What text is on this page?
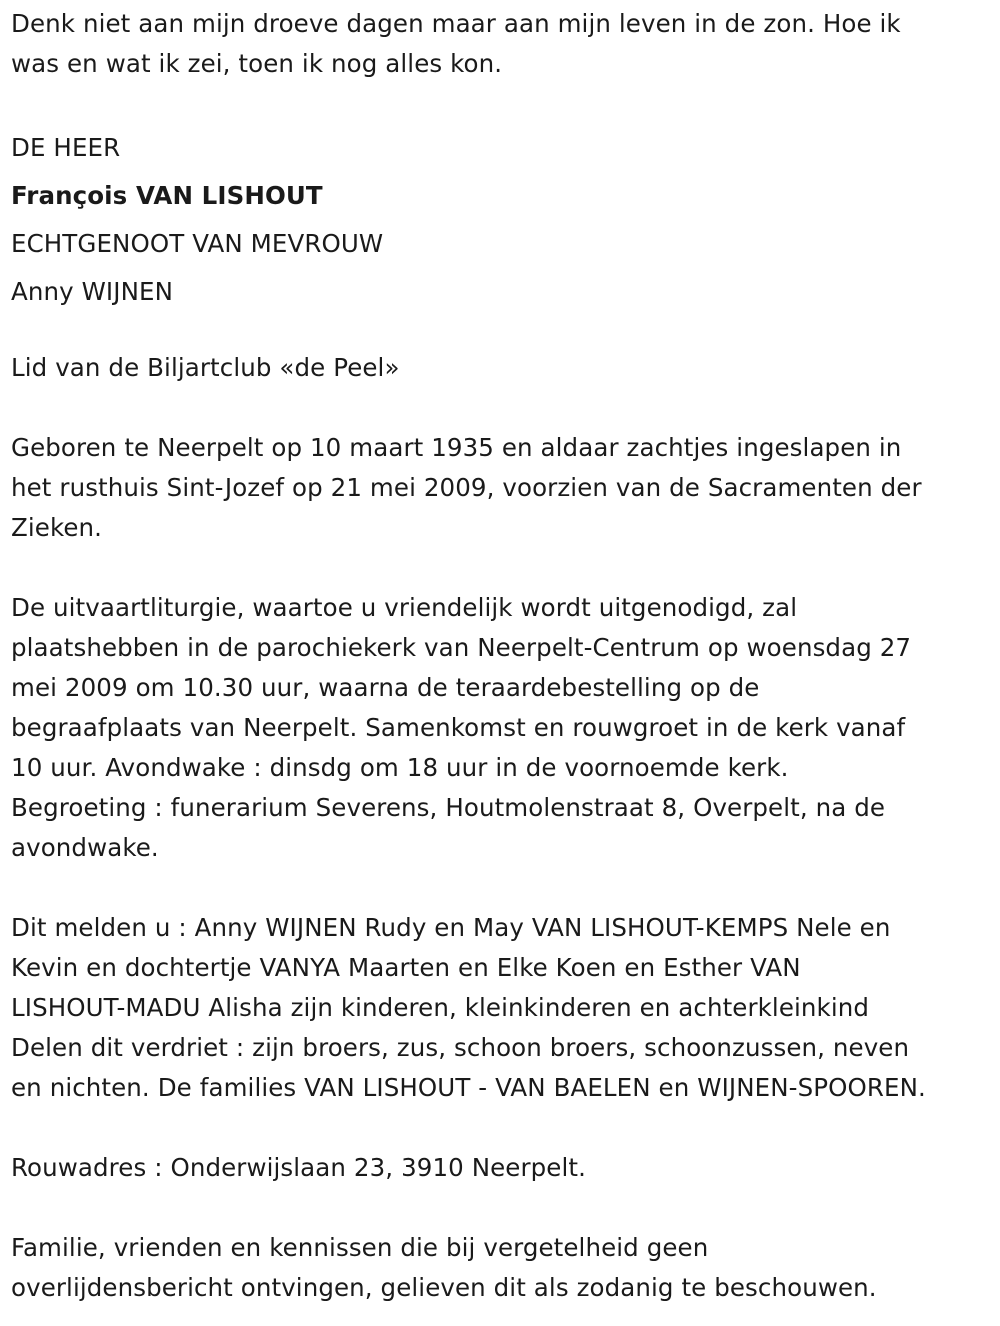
Denk niet aan mijn droeve dagen maar aan mijn leven in de zon. Hoe ik
was en wat ik zei, toen ik nog alles kon.

DE HEER
François VAN LISHOUT
ECHTGENOOT VAN MEVROUW
Anny WIJNEN

Lid van de Biljartclub «de Peel»

Geboren te Neerpelt op 10 maart 1935 en aldaar zachtjes ingeslapen in
het rusthuis Sint-Jozef op 21 mei 2009, voorzien van de Sacramenten der
Zieken.

De uitvaartliturgie, waartoe u vriendelijk wordt uitgenodigd, zal
plaatshebben in de parochiekerk van Neerpelt-Centrum op woensdag 27
mei 2009 om 10.30 uur, waarna de teraardebestelling op de
begraafplaats van Neerpelt. Samenkomst en rouwgroet in de kerk vanaf
10 uur. Avondwake : dinsdg om 18 uur in de voornoemde kerk.
Begroeting : funerarium Severens, Houtmolenstraat 8, Overpelt, na de
avondwake.

Dit melden u : Anny WIJNEN Rudy en May VAN LISHOUT-KEMPS Nele en
Kevin en dochtertje VANYA Maarten en Elke Koen en Esther VAN
LISHOUT-MADU Alisha zijn kinderen, kleinkinderen en achterkleinkind
Delen dit verdriet : zijn broers, zus, schoon broers, schoonzussen, neven
en nichten. De families VAN LISHOUT - VAN BAELEN en WIJNEN-SPOOREN.

Rouwadres : Onderwijslaan 23, 3910 Neerpelt.

Familie, vrienden en kennissen die bij vergetelheid geen
overlijdensbericht ontvingen, gelieven dit als zodanig te beschouwen.
